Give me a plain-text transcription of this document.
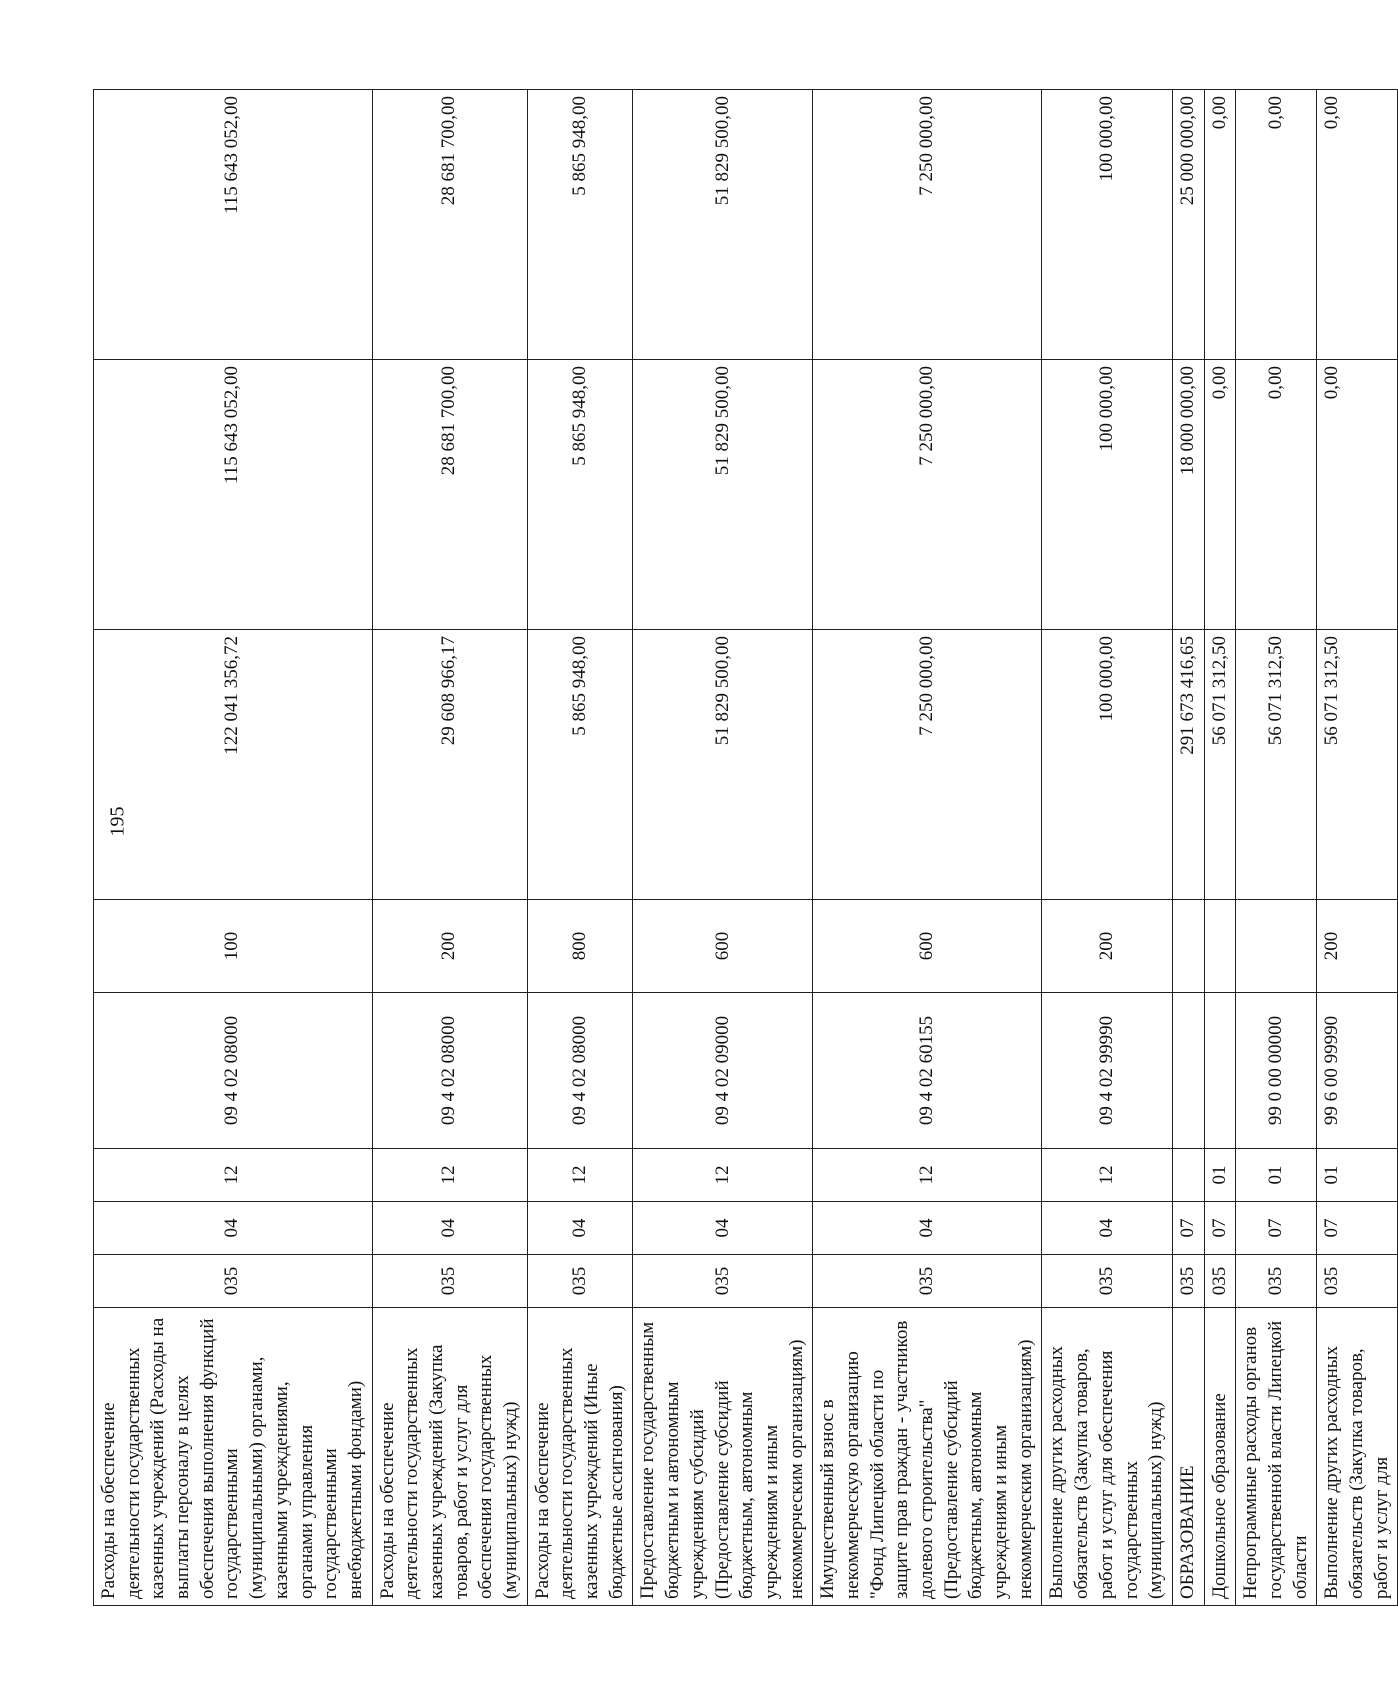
195
Расходы на обеспечение деятельности государственных казенных учреждений (Расходы на выплаты персоналу в целях обеспечения выполнения функций государственными (муниципальными) органами, казенными учреждениями, органами управления государственными внебюджетными фондами)	035	04	12	09 4 02 08000	100	122 041 356,72	115 643 052,00	115 643 052,00
Расходы на обеспечение деятельности государственных казенных учреждений (Закупка товаров, работ и услуг для обеспечения государственных (муниципальных) нужд)	035	04	12	09 4 02 08000	200	29 608 966,17	28 681 700,00	28 681 700,00
Расходы на обеспечение деятельности государственных казенных учреждений (Иные бюджетные ассигнования)	035	04	12	09 4 02 08000	800	5 865 948,00	5 865 948,00	5 865 948,00
Предоставление государственным бюджетным и автономным учреждениям субсидий (Предоставление субсидий бюджетным, автономным учреждениям и иным некоммерческим организациям)	035	04	12	09 4 02 09000	600	51 829 500,00	51 829 500,00	51 829 500,00
Имущественный взнос в некоммерческую организацию "Фонд Липецкой области по защите прав граждан - участников долевого строительства" (Предоставление субсидий бюджетным, автономным учреждениям и иным некоммерческим организациям)	035	04	12	09 4 02 60155	600	7 250 000,00	7 250 000,00	7 250 000,00
Выполнение других расходных обязательств (Закупка товаров, работ и услуг для обеспечения государственных (муниципальных) нужд)	035	04	12	09 4 02 99990	200	100 000,00	100 000,00	100 000,00
ОБРАЗОВАНИЕ	035	07				291 673 416,65	18 000 000,00	25 000 000,00
Дошкольное образование	035	07	01			56 071 312,50	0,00	0,00
Непрограммные расходы органов государственной власти Липецкой области	035	07	01	99 0 00 00000		56 071 312,50	0,00	0,00
Выполнение других расходных обязательств (Закупка товаров, работ и услуг для	035	07	01	99 6 00 99990	200	56 071 312,50	0,00	0,00
